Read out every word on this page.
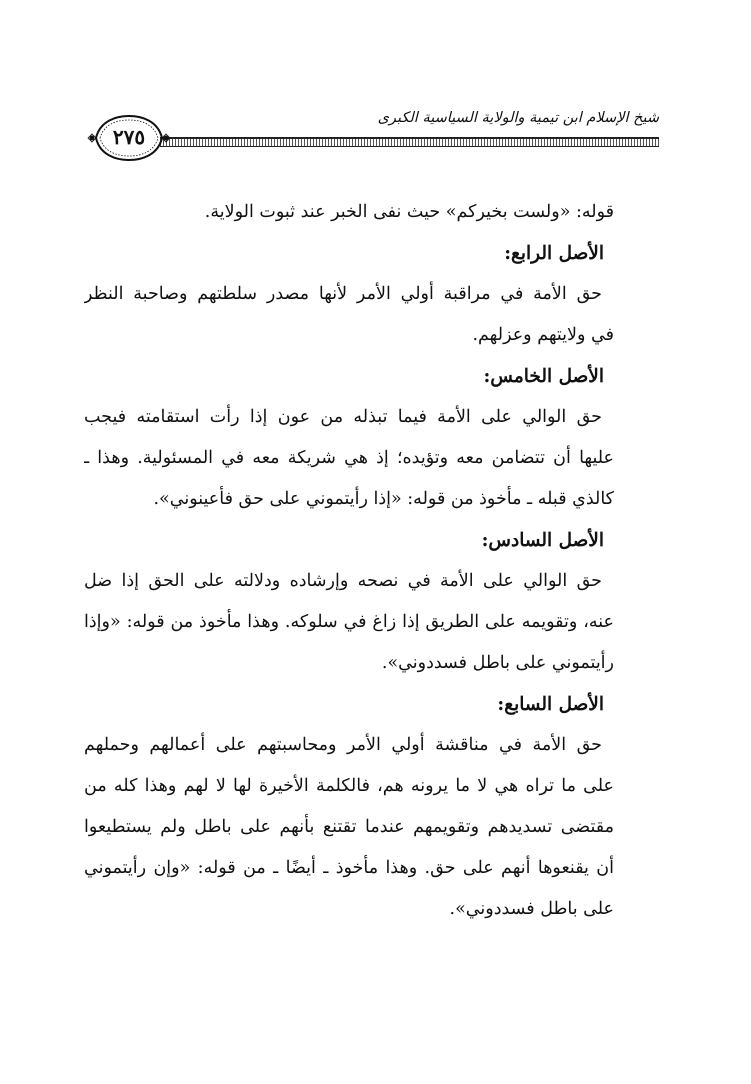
شيخ الإسلام ابن تيمية والولاية السياسية الكبرى
٢٧٥
قوله: «ولست بخيركم» حيث نفى الخبر عند ثبوت الولاية.
الأصل الرابع:
حق الأمة في مراقبة أولي الأمر لأنها مصدر سلطتهم وصاحبة النظر
في ولايتهم وعزلهم.
الأصل الخامس:
حق الوالي على الأمة فيما تبذله من عون إذا رأت استقامته فيجب
عليها أن تتضامن معه وتؤيده؛ إذ هي شريكة معه في المسئولية. وهذا ـ
كالذي قبله ـ مأخوذ من قوله: «إذا رأيتموني على حق فأعينوني».
الأصل السادس:
حق الوالي على الأمة في نصحه وإرشاده ودلالته على الحق إذا ضل
عنه، وتقويمه على الطريق إذا زاغ في سلوكه. وهذا مأخوذ من قوله: «وإذا
رأيتموني على باطل فسددوني».
الأصل السابع:
حق الأمة في مناقشة أولي الأمر ومحاسبتهم على أعمالهم وحملهم
على ما تراه هي لا ما يرونه هم، فالكلمة الأخيرة لها لا لهم وهذا كله من
مقتضى تسديدهم وتقويمهم عندما تقتنع بأنهم على باطل ولم يستطيعوا
أن يقنعوها أنهم على حق. وهذا مأخوذ ـ أيضًا ـ من قوله: «وإن رأيتموني
على باطل فسددوني».
